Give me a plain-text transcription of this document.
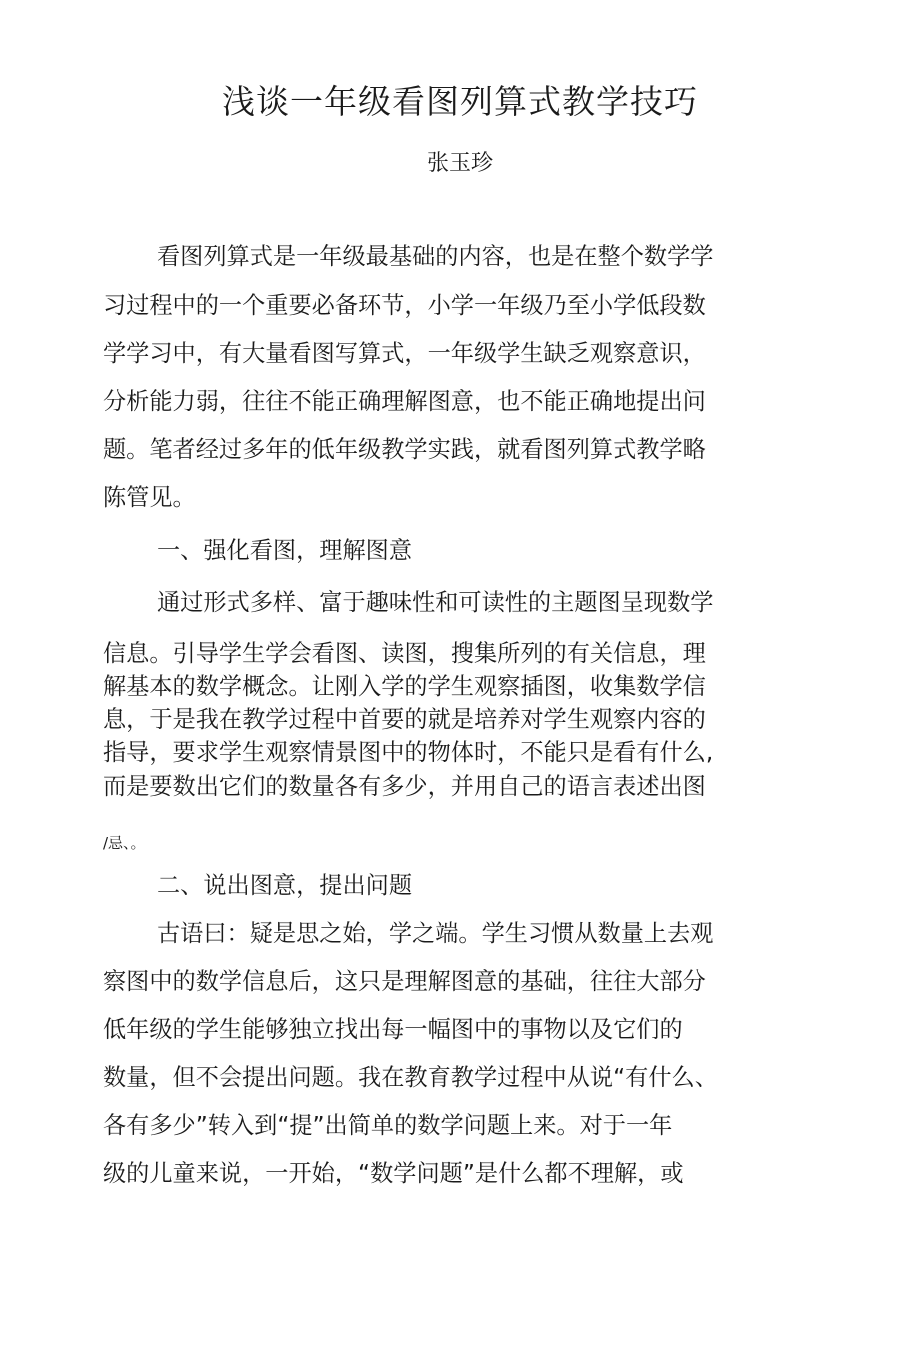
浅谈一年级看图列算式教学技巧

张玉珍

看图列算式是一年级最基础的内容，也是在整个数学学

习过程中的一个重要必备环节，小学一年级乃至小学低段数

学学习中，有大量看图写算式，一年级学生缺乏观察意识，

分析能力弱，往往不能正确理解图意，也不能正确地提出问

题。笔者经过多年的低年级教学实践，就看图列算式教学略

陈管见。

一、强化看图，理解图意

通过形式多样、富于趣味性和可读性的主题图呈现数学

信息。引导学生学会看图、读图，搜集所列的有关信息，理

解基本的数学概念。让刚入学的学生观察插图，收集数学信

息，于是我在教学过程中首要的就是培养对学生观察内容的

指导，要求学生观察情景图中的物体时，不能只是看有什么,

而是要数出它们的数量各有多少，并用自己的语言表述出图

/忌、。

二、说出图意，提出问题

古语曰：疑是思之始，学之端。学生习惯从数量上去观

察图中的数学信息后，这只是理解图意的基础，往往大部分

低年级的学生能够独立找出每一幅图中的事物以及它们的

数量，但不会提出问题。我在教育教学过程中从说“有什么、

各有多少”转入到“提”出简单的数学问题上来。对于一年

级的儿童来说，一开始，“数学问题”是什么都不理解，或
